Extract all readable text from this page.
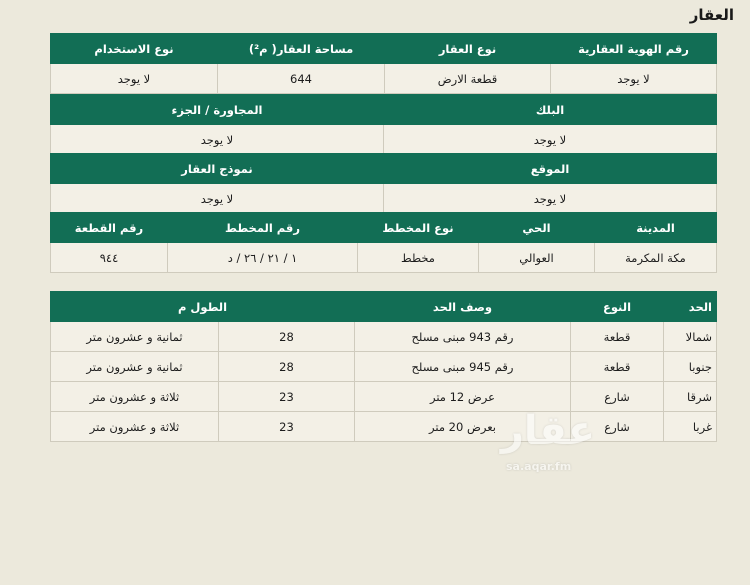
العقار
رقم الهوية العقارية	نوع العقار	مساحة العقار( م²)	نوع الاستخدام
لا يوجد	قطعة الارض	644	لا يوجد
البلك	المجاورة / الجزء
لا يوجد	لا يوجد
الموقع	نموذج العقار
لا يوجد	لا يوجد
المدينة	الحي	نوع المخطط	رقم المخطط	رقم القطعة
مكة المكرمة	العوالي	مخطط	١ / ٢١ / ٢٦ / د	٩٤٤
الحد	النوع	وصف الحد	الطول م	
شمالا	قطعة	رقم 943 مبنى مسلح	28	ثمانية و عشرون متر
جنوبا	قطعة	رقم 945 مبنى مسلح	28	ثمانية و عشرون متر
شرقا	شارع	عرض 12 متر	23	ثلاثة و عشرون متر
غربا	شارع	بعرض 20 متر	23	ثلاثة و عشرون متر	عقار
sa.aqar.fm
